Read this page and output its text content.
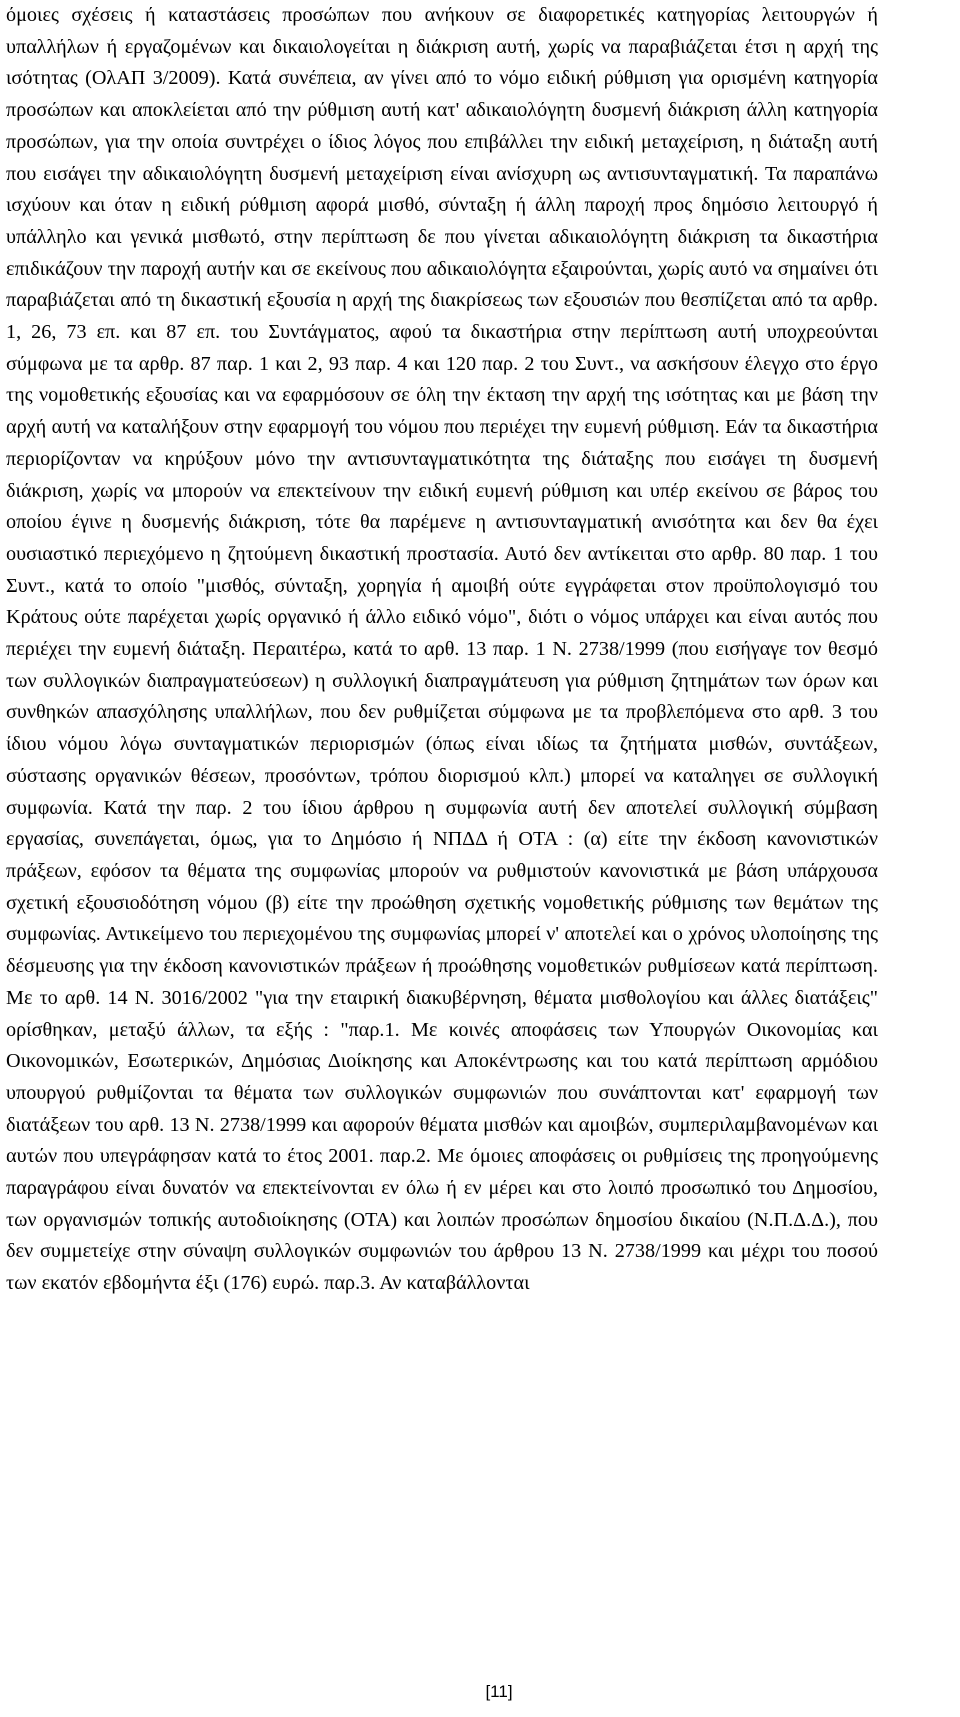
όμοιες σχέσεις ή καταστάσεις προσώπων που ανήκουν σε διαφορετικές κατηγορίας λειτουργών ή υπαλλήλων ή εργαζομένων και δικαιολογείται η διάκριση αυτή, χωρίς να παραβιάζεται έτσι η αρχή της ισότητας (ΟλΑΠ 3/2009). Κατά συνέπεια, αν γίνει από το νόμο ειδική ρύθμιση για ορισμένη κατηγορία προσώπων και αποκλείεται από την ρύθμιση αυτή κατ' αδικαιολόγητη δυσμενή διάκριση άλλη κατηγορία προσώπων, για την οποία συντρέχει ο ίδιος λόγος που επιβάλλει την ειδική μεταχείριση, η διάταξη αυτή που εισάγει την αδικαιολόγητη δυσμενή μεταχείριση είναι ανίσχυρη ως αντισυνταγματική. Τα παραπάνω ισχύουν και όταν η ειδική ρύθμιση αφορά μισθό, σύνταξη ή άλλη παροχή προς δημόσιο λειτουργό ή υπάλληλο και γενικά μισθωτό, στην περίπτωση δε που γίνεται αδικαιολόγητη διάκριση τα δικαστήρια επιδικάζουν την παροχή αυτήν και σε εκείνους που αδικαιολόγητα εξαιρούνται, χωρίς αυτό να σημαίνει ότι παραβιάζεται από τη δικαστική εξουσία η αρχή της διακρίσεως των εξουσιών που θεσπίζεται από τα αρθρ. 1, 26, 73 επ. και 87 επ. του Συντάγματος, αφού τα δικαστήρια στην περίπτωση αυτή υποχρεούνται σύμφωνα με τα αρθρ. 87 παρ. 1 και 2, 93 παρ. 4 και 120 παρ. 2 του Συντ., να ασκήσουν έλεγχο στο έργο της νομοθετικής εξουσίας και να εφαρμόσουν σε όλη την έκταση την αρχή της ισότητας και με βάση την αρχή αυτή να καταλήξουν στην εφαρμογή του νόμου που περιέχει την ευμενή ρύθμιση. Εάν τα δικαστήρια περιορίζονταν να κηρύξουν μόνο την αντισυνταγματικότητα της διάταξης που εισάγει τη δυσμενή διάκριση, χωρίς να μπορούν να επεκτείνουν την ειδική ευμενή ρύθμιση και υπέρ εκείνου σε βάρος του οποίου έγινε η δυσμενής διάκριση, τότε θα παρέμενε η αντισυνταγματική ανισότητα και δεν θα έχει ουσιαστικό περιεχόμενο η ζητούμενη δικαστική προστασία. Αυτό δεν αντίκειται στο αρθρ. 80 παρ. 1 του Συντ., κατά το οποίο "μισθός, σύνταξη, χορηγία ή αμοιβή ούτε εγγράφεται στον προϋπολογισμό του Κράτους ούτε παρέχεται χωρίς οργανικό ή άλλο ειδικό νόμο", διότι ο νόμος υπάρχει και είναι αυτός που περιέχει την ευμενή διάταξη. Περαιτέρω, κατά το αρθ. 13 παρ. 1 Ν. 2738/1999 (που εισήγαγε τον θεσμό των συλλογικών διαπραγματεύσεων) η συλλογική διαπραγμάτευση για ρύθμιση ζητημάτων των όρων και συνθηκών απασχόλησης υπαλλήλων, που δεν ρυθμίζεται σύμφωνα με τα προβλεπόμενα στο αρθ. 3 του ίδιου νόμου λόγω συνταγματικών περιορισμών (όπως είναι ιδίως τα ζητήματα μισθών, συντάξεων, σύστασης οργανικών θέσεων, προσόντων, τρόπου διορισμού κλπ.) μπορεί να καταληγει σε συλλογική συμφωνία. Κατά την παρ. 2 του ίδιου άρθρου η συμφωνία αυτή δεν αποτελεί συλλογική σύμβαση εργασίας, συνεπάγεται, όμως, για το Δημόσιο ή ΝΠΔΔ ή ΟΤΑ : (α) είτε την έκδοση κανονιστικών πράξεων, εφόσον τα θέματα της συμφωνίας μπορούν να ρυθμιστούν κανονιστικά με βάση υπάρχουσα σχετική εξουσιοδότηση νόμου (β) είτε την προώθηση σχετικής νομοθετικής ρύθμισης των θεμάτων της συμφωνίας. Αντικείμενο του περιεχομένου της συμφωνίας μπορεί ν' αποτελεί και ο χρόνος υλοποίησης της δέσμευσης για την έκδοση κανονιστικών πράξεων ή προώθησης νομοθετικών ρυθμίσεων κατά περίπτωση. Με το αρθ. 14 Ν. 3016/2002 "για την εταιρική διακυβέρνηση, θέματα μισθολογίου και άλλες διατάξεις" ορίσθηκαν, μεταξύ άλλων, τα εξής : "παρ.1. Με κοινές αποφάσεις των Υπουργών Οικονομίας και Οικονομικών, Εσωτερικών, Δημόσιας Διοίκησης και Αποκέντρωσης και του κατά περίπτωση αρμόδιου υπουργού ρυθμίζονται τα θέματα των συλλογικών συμφωνιών που συνάπτονται κατ' εφαρμογή των διατάξεων του αρθ. 13 Ν. 2738/1999 και αφορούν θέματα μισθών και αμοιβών, συμπεριλαμβανομένων και αυτών που υπεγράφησαν κατά το έτος 2001. παρ.2. Με όμοιες αποφάσεις οι ρυθμίσεις της προηγούμενης παραγράφου είναι δυνατόν να επεκτείνονται εν όλω ή εν μέρει και στο λοιπό προσωπικό του Δημοσίου, των οργανισμών τοπικής αυτοδιοίκησης (ΟΤΑ) και λοιπών προσώπων δημοσίου δικαίου (Ν.Π.Δ.Δ.), που δεν συμμετείχε στην σύναψη συλλογικών συμφωνιών του άρθρου 13 Ν. 2738/1999 και μέχρι του ποσού των εκατόν εβδομήντα έξι (176) ευρώ. παρ.3. Αν καταβάλλονται

[11]
